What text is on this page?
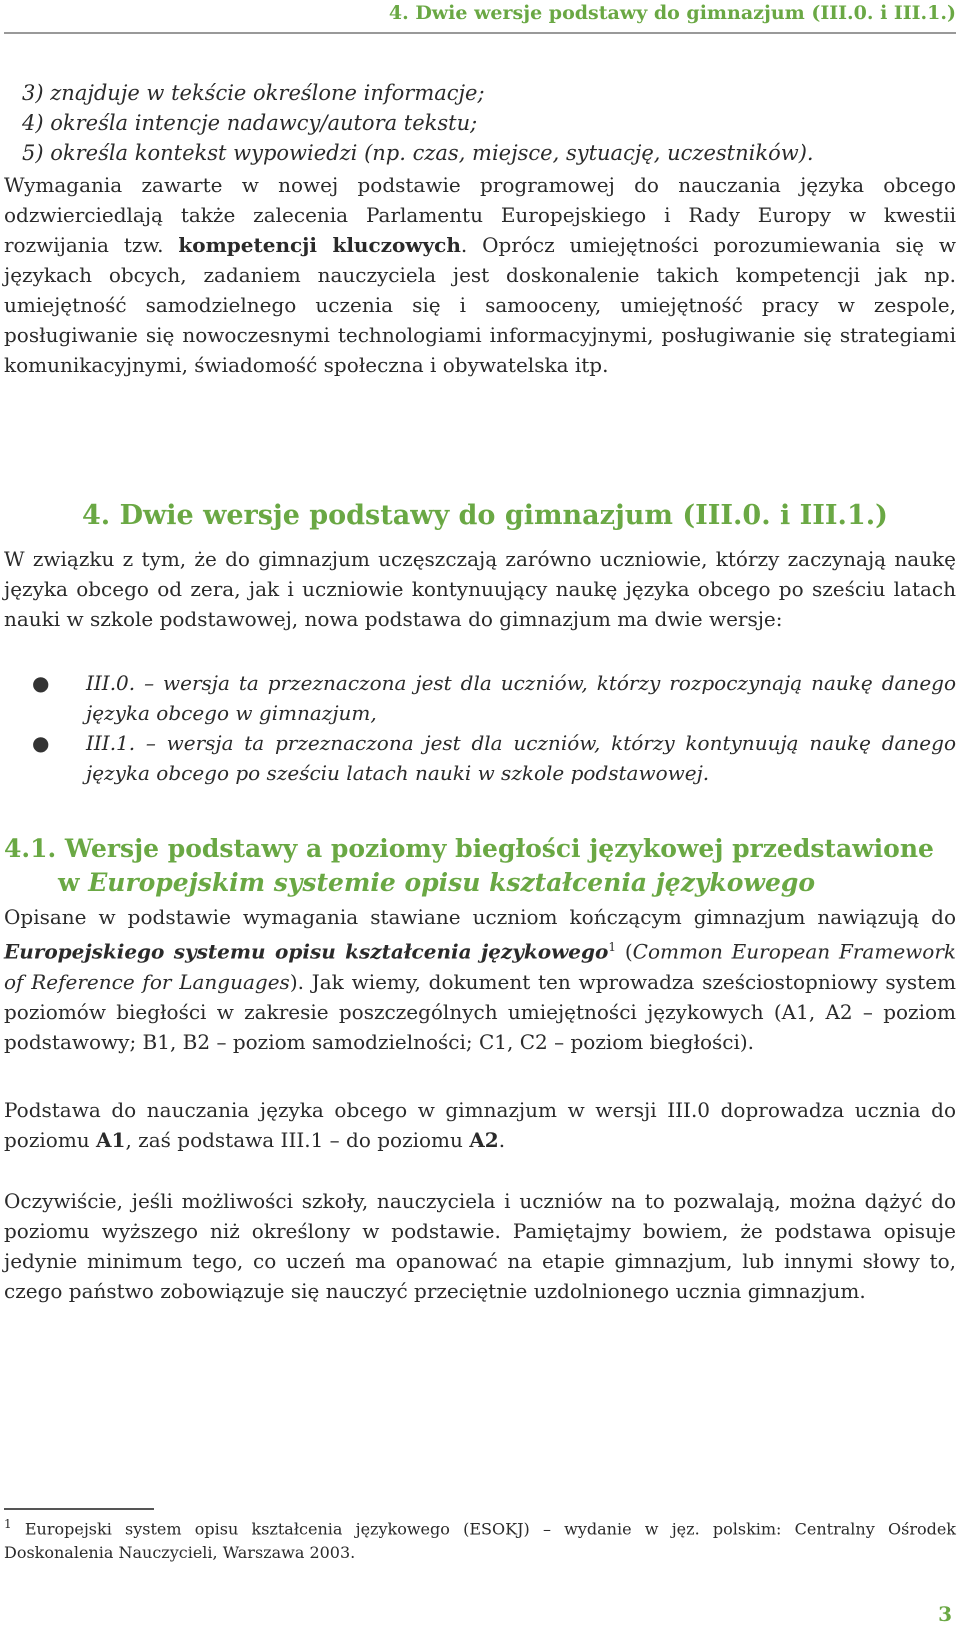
4. Dwie wersje podstawy do gimnazjum (III.0. i III.1.)
3) znajduje w tekście określone informacje;
4) określa intencje nadawcy/autora tekstu;
5) określa kontekst wypowiedzi (np. czas, miejsce, sytuację, uczestników).
Wymagania zawarte w nowej podstawie programowej do nauczania języka obcego odzwierciedlają także zalecenia Parlamentu Europejskiego i Rady Europy w kwestii rozwijania tzw. kompetencji kluczowych. Oprócz umiejętności porozumiewania się w językach obcych, zadaniem nauczyciela jest doskonalenie takich kompetencji jak np. umiejętność samodzielnego uczenia się i samooceny, umiejętność pracy w zespole, posługiwanie się nowoczesnymi technologiami informacyjnymi, posługiwanie się strategiami komunikacyjnymi, świadomość społeczna i obywatelska itp.
4. Dwie wersje podstawy do gimnazjum (III.0. i III.1.)
W związku z tym, że do gimnazjum uczęszczają zarówno uczniowie, którzy zaczynają naukę języka obcego od zera, jak i uczniowie kontynuujący naukę języka obcego po sześciu latach nauki w szkole podstawowej, nowa podstawa do gimnazjum ma dwie wersje:
● III.0. – wersja ta przeznaczona jest dla uczniów, którzy rozpoczynają naukę danego języka obcego w gimnazjum,
● III.1. – wersja ta przeznaczona jest dla uczniów, którzy kontynuują naukę danego języka obcego po sześciu latach nauki w szkole podstawowej.
4.1. Wersje podstawy a poziomy biegłości językowej przedstawione
w Europejskim systemie opisu kształcenia językowego
Opisane w podstawie wymagania stawiane uczniom kończącym gimnazjum nawiązują do Europejskiego systemu opisu kształcenia językowego$^1$ (Common European Framework of Reference for Languages). Jak wiemy, dokument ten wprowadza sześciostopniowy system poziomów biegłości w zakresie poszczególnych umiejętności językowych (A1, A2 – poziom podstawowy; B1, B2 – poziom samodzielności; C1, C2 – poziom biegłości).
Podstawa do nauczania języka obcego w gimnazjum w wersji III.0 doprowadza ucznia do poziomu A1, zaś podstawa III.1 – do poziomu A2.
Oczywiście, jeśli możliwości szkoły, nauczyciela i uczniów na to pozwalają, można dążyć do poziomu wyższego niż określony w podstawie. Pamiętajmy bowiem, że podstawa opisuje jedynie minimum tego, co uczeń ma opanować na etapie gimnazjum, lub innymi słowy to, czego państwo zobowiązuje się nauczyć przeciętnie uzdolnionego ucznia gimnazjum.
$^1$ Europejski system opisu kształcenia językowego (ESOKJ) – wydanie w jęz. polskim: Centralny Ośrodek Doskonalenia Nauczycieli, Warszawa 2003.
3
